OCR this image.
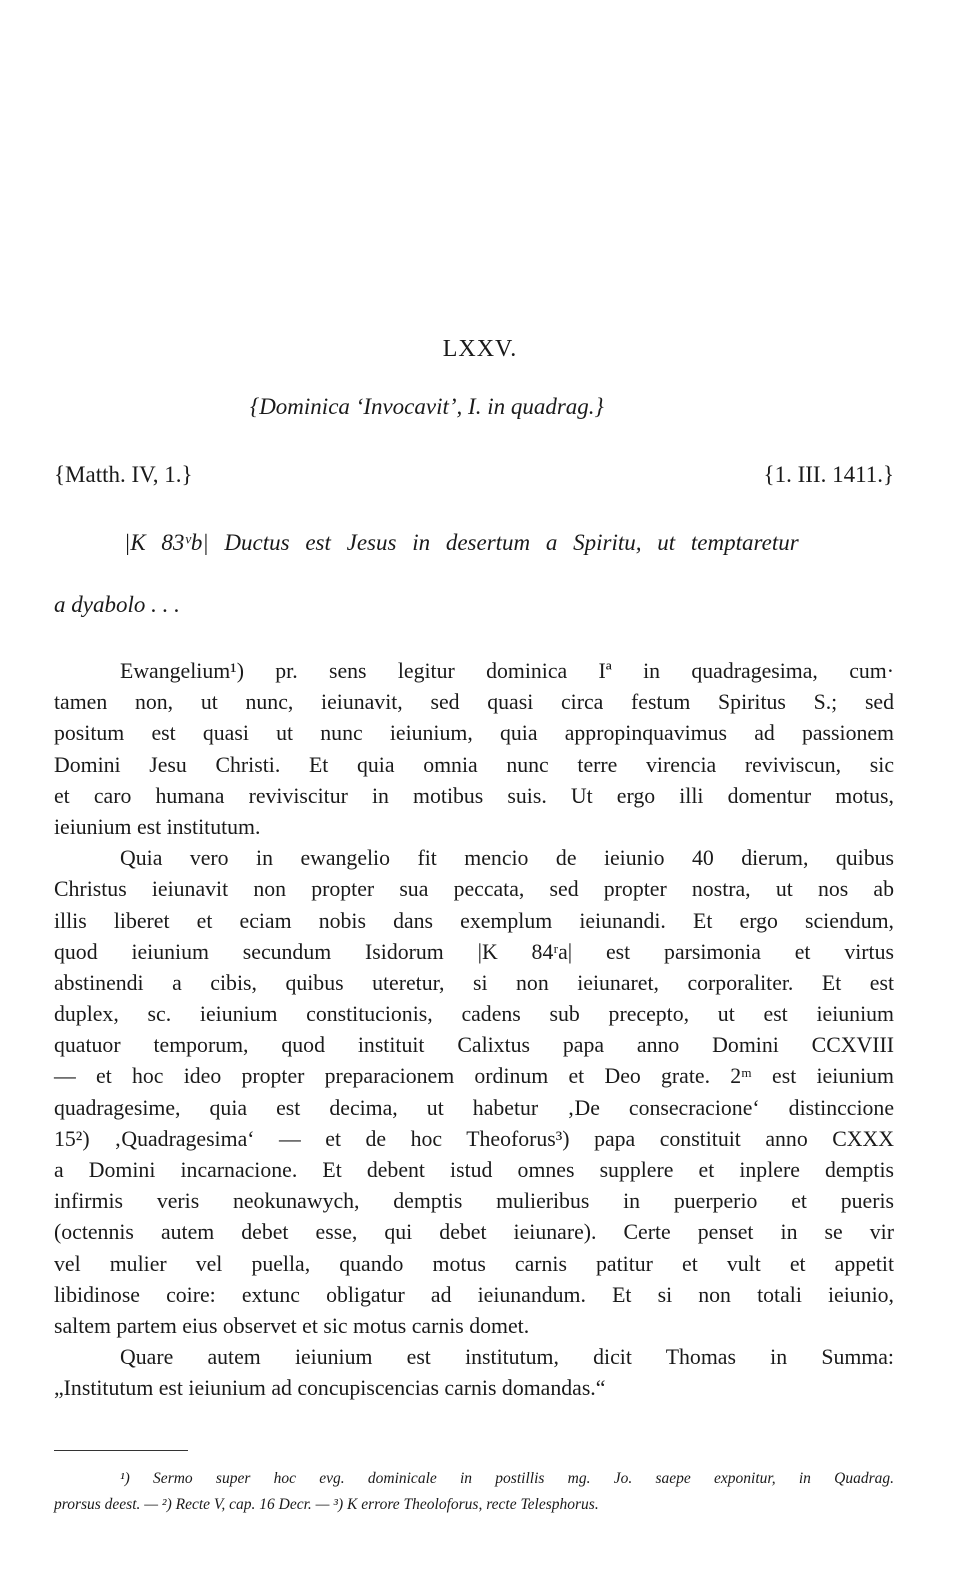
LXXV.
{Dominica ‘Invocavit’, I. in quadrag.}
{Matth. IV, 1.}	{1. III. 1411.}
|K 83ᵛb| Ductus est Jesus in desertum a Spiritu, ut temptaretur
a dyabolo . . .
Ewangelium¹) pr. sens legitur dominica Iª in quadragesima, cum·
tamen non, ut nunc, ieiunavit, sed quasi circa festum Spiritus S.; sed
positum est quasi ut nunc ieiunium, quia appropinquavimus ad passionem
Domini Jesu Christi. Et quia omnia nunc terre virencia reviviscun, sic
et caro humana reviviscitur in motibus suis. Ut ergo illi domentur motus,
ieiunium est institutum.
Quia vero in ewangelio fit mencio de ieiunio 40 dierum, quibus
Christus ieiunavit non propter sua peccata, sed propter nostra, ut nos ab
illis liberet et eciam nobis dans exemplum ieiunandi. Et ergo sciendum,
quod ieiunium secundum Isidorum |K 84ʳa| est parsimonia et virtus
abstinendi a cibis, quibus uteretur, si non ieiunaret, corporaliter. Et est
duplex, sc. ieiunium constitucionis, cadens sub precepto, ut est ieiunium
quatuor temporum, quod instituit Calixtus papa anno Domini CCXVIII
— et hoc ideo propter preparacionem ordinum et Deo grate. 2ᵐ est ieiunium
quadragesime, quia est decima, ut habetur ‚De consecracione‘ distinccione
15²) ‚Quadragesima‘ — et de hoc Theoforus³) papa constituit anno CXXX
a Domini incarnacione. Et debent istud omnes supplere et inplere demptis
infirmis veris neokunawych, demptis mulieribus in puerperio et pueris
(octennis autem debet esse, qui debet ieiunare). Certe penset in se vir
vel mulier vel puella, quando motus carnis patitur et vult et appetit
libidinose coire: extunc obligatur ad ieiunandum. Et si non totali ieiunio,
saltem partem eius observet et sic motus carnis domet.
Quare autem ieiunium est institutum, dicit Thomas in Summa:
„Institutum est ieiunium ad concupiscencias carnis domandas.“
¹) Sermo super hoc evg. dominicale in postillis mg. Jo. saepe exponitur, in Quadrag.
prorsus deest. — ²) Recte V, cap. 16 Decr. — ³) K errore Theoloforus, recte Telesphorus.
